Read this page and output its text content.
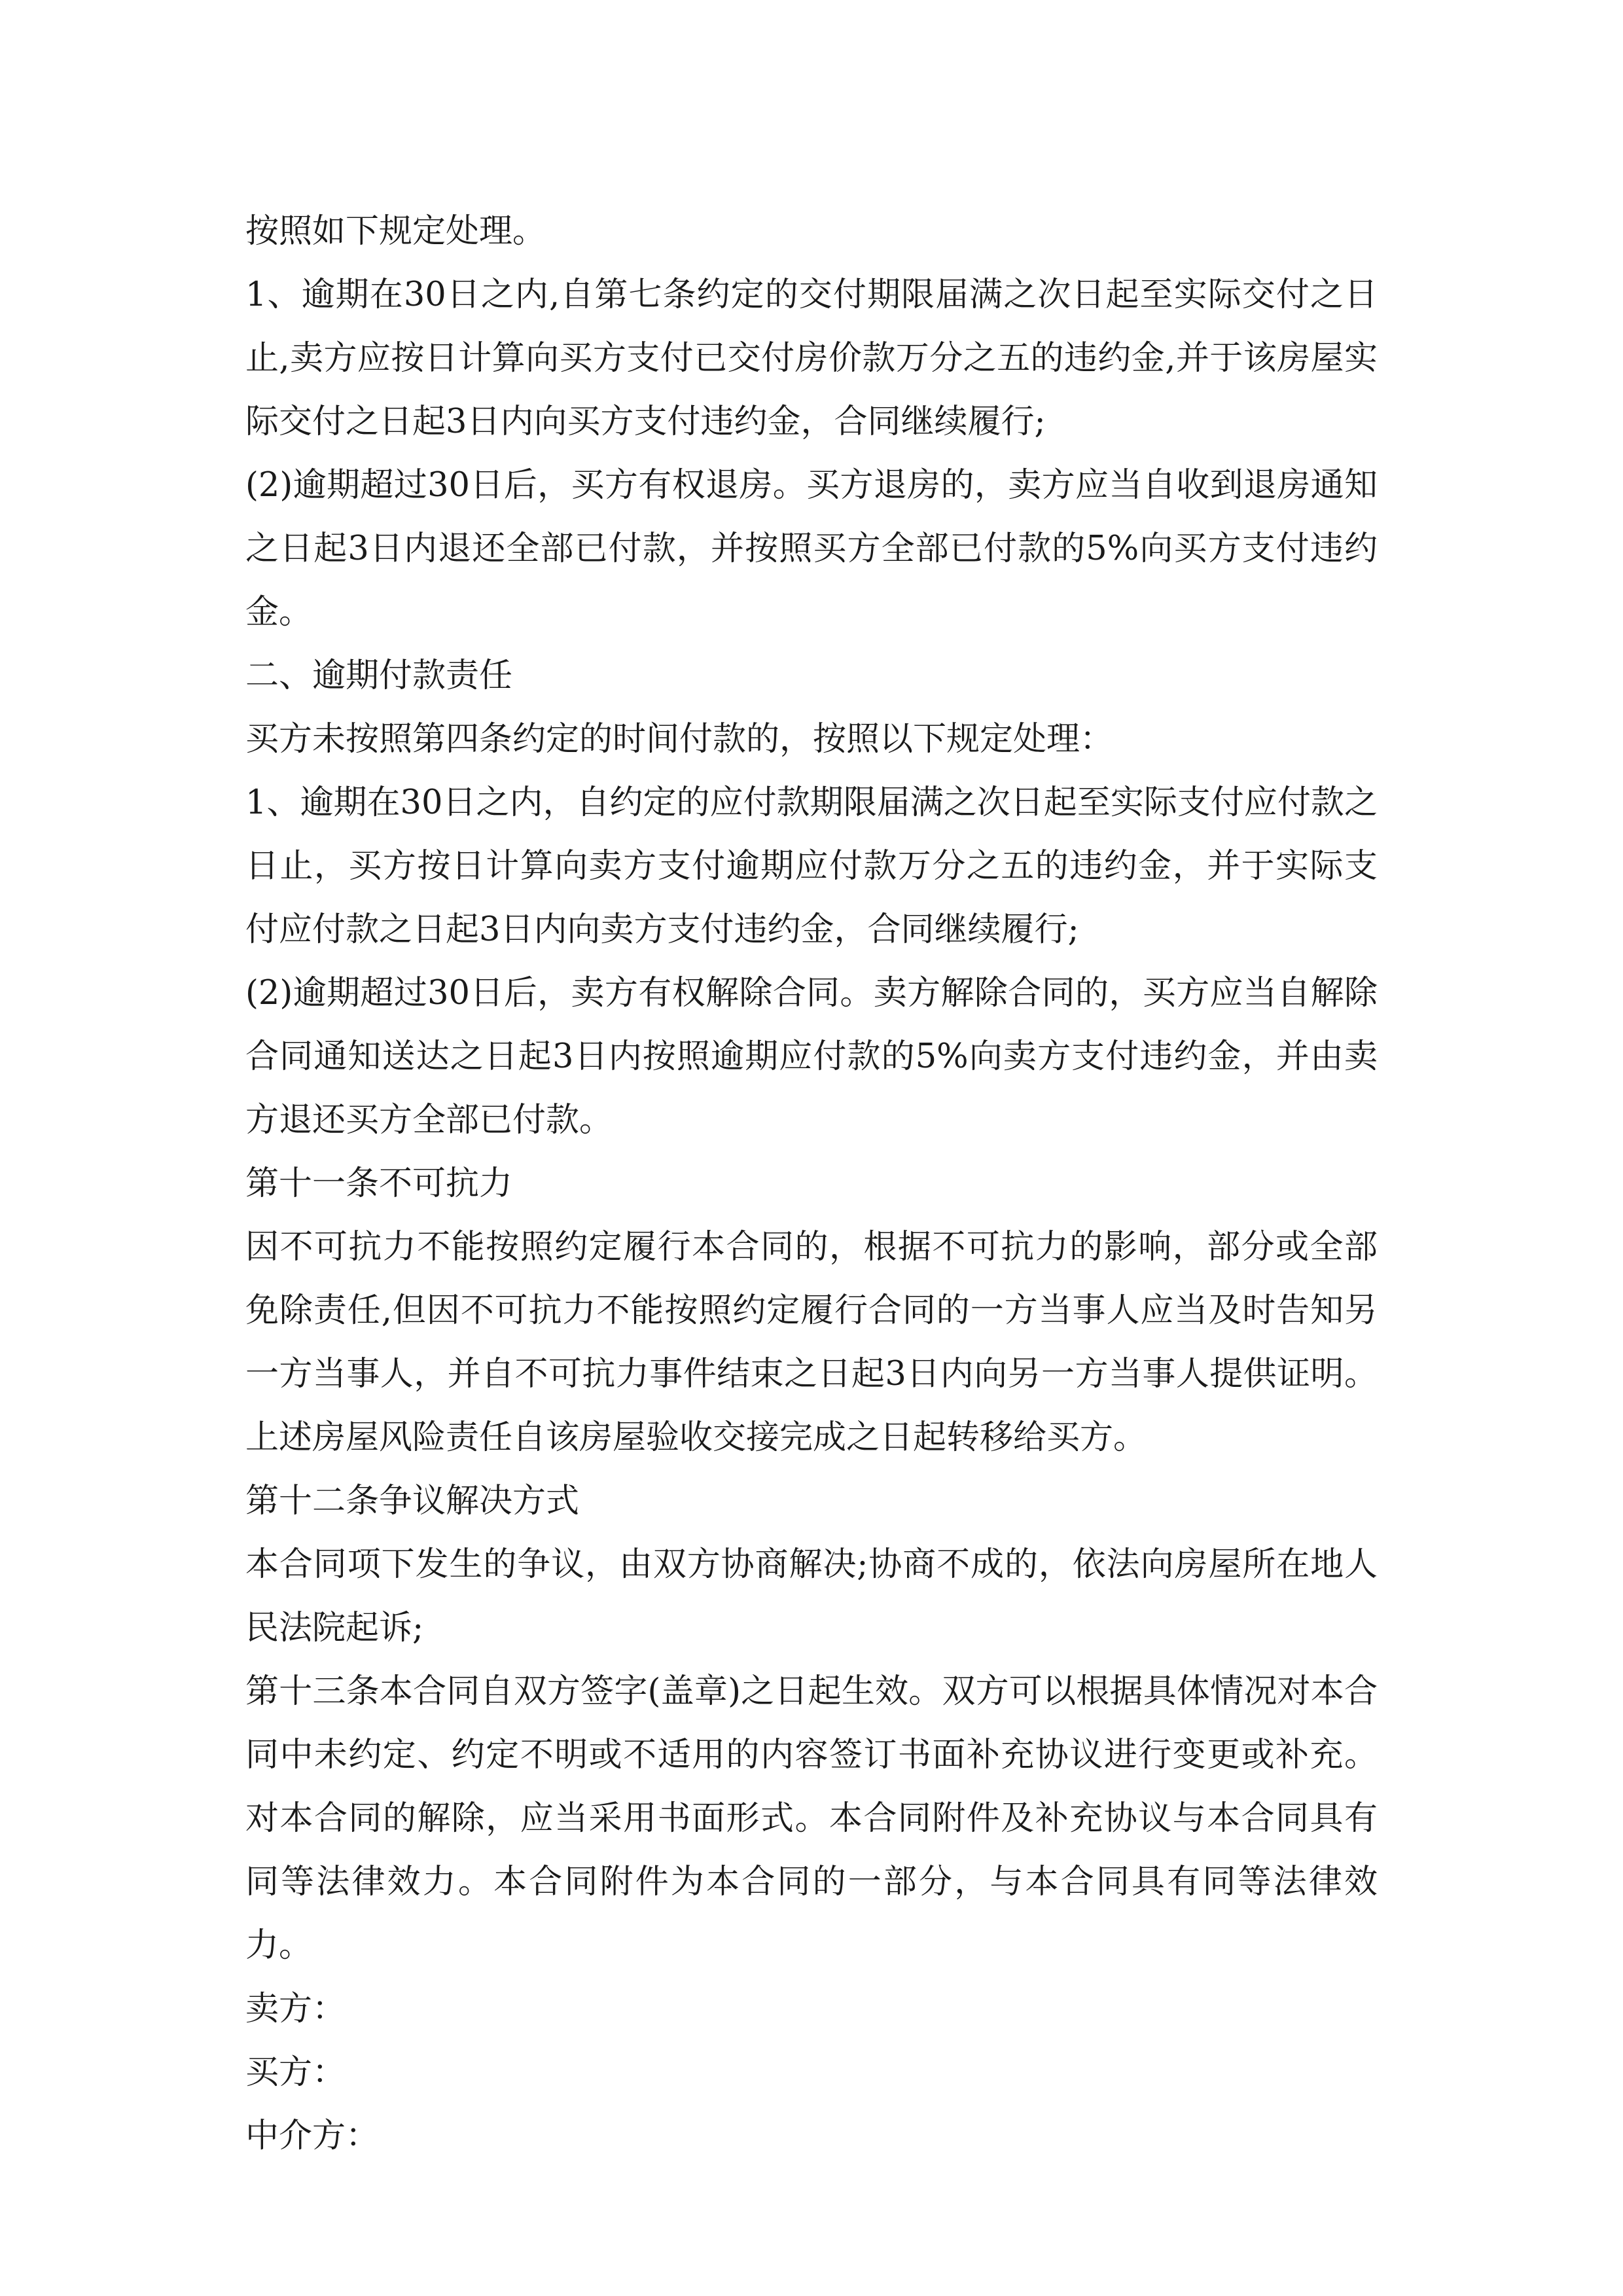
按照如下规定处理。

1、逾期在30日之内,自第七条约定的交付期限届满之次日起至实际交付之日止,卖方应按日计算向买方支付已交付房价款万分之五的违约金,并于该房屋实际交付之日起3日内向买方支付违约金，合同继续履行;

(2)逾期超过30日后，买方有权退房。买方退房的，卖方应当自收到退房通知之日起3日内退还全部已付款，并按照买方全部已付款的5%向买方支付违约金。

二、逾期付款责任

买方未按照第四条约定的时间付款的，按照以下规定处理：

1、逾期在30日之内，自约定的应付款期限届满之次日起至实际支付应付款之日止，买方按日计算向卖方支付逾期应付款万分之五的违约金，并于实际支付应付款之日起3日内向卖方支付违约金，合同继续履行;

(2)逾期超过30日后，卖方有权解除合同。卖方解除合同的，买方应当自解除合同通知送达之日起3日内按照逾期应付款的5%向卖方支付违约金，并由卖方退还买方全部已付款。

第十一条不可抗力

因不可抗力不能按照约定履行本合同的，根据不可抗力的影响，部分或全部免除责任,但因不可抗力不能按照约定履行合同的一方当事人应当及时告知另一方当事人，并自不可抗力事件结束之日起3日内向另一方当事人提供证明。上述房屋风险责任自该房屋验收交接完成之日起转移给买方。

第十二条争议解决方式

本合同项下发生的争议，由双方协商解决;协商不成的，依法向房屋所在地人民法院起诉;

第十三条本合同自双方签字(盖章)之日起生效。双方可以根据具体情况对本合同中未约定、约定不明或不适用的内容签订书面补充协议进行变更或补充。对本合同的解除，应当采用书面形式。本合同附件及补充协议与本合同具有同等法律效力。本合同附件为本合同的一部分，与本合同具有同等法律效力。

卖方：

买方：

中介方：
